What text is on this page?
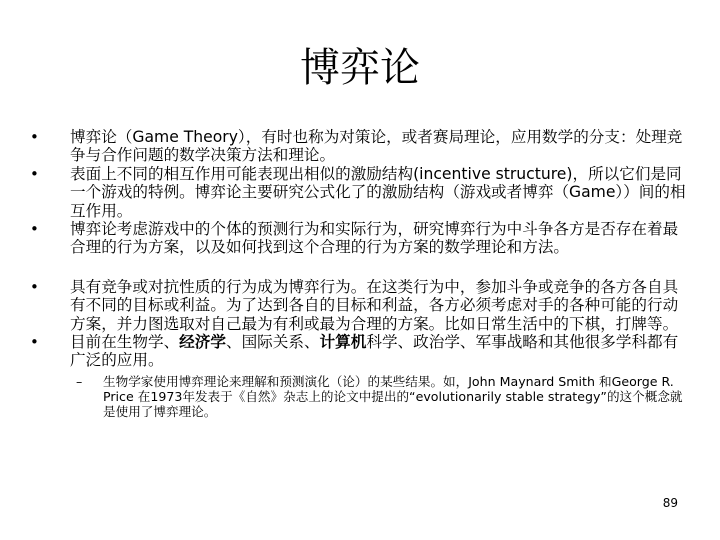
博弈论
• 博弈论（Game Theory），有时也称为对策论，或者赛局理论，应用数学的分支：处理竞争与合作问题的数学决策方法和理论。
• 表面上不同的相互作用可能表现出相似的激励结构(incentive structure)，所以它们是同一个游戏的特例。博弈论主要研究公式化了的激励结构（游戏或者博弈（Game））间的相互作用。
• 博弈论考虑游戏中的个体的预测行为和实际行为，研究博弈行为中斗争各方是否存在着最合理的行为方案，以及如何找到这个合理的行为方案的数学理论和方法。
• 具有竞争或对抗性质的行为成为博弈行为。在这类行为中，参加斗争或竞争的各方各自具有不同的目标或利益。为了达到各自的目标和利益，各方必须考虑对手的各种可能的行动方案，并力图选取对自己最为有利或最为合理的方案。比如日常生活中的下棋，打牌等。
• 目前在生物学、经济学、国际关系、计算机科学、政治学、军事战略和其他很多学科都有广泛的应用。
– 生物学家使用博弈理论来理解和预测演化（论）的某些结果。如，John Maynard Smith 和George R. Price 在1973年发表于《自然》杂志上的论文中提出的“evolutionarily stable strategy”的这个概念就是使用了博弈理论。
89
